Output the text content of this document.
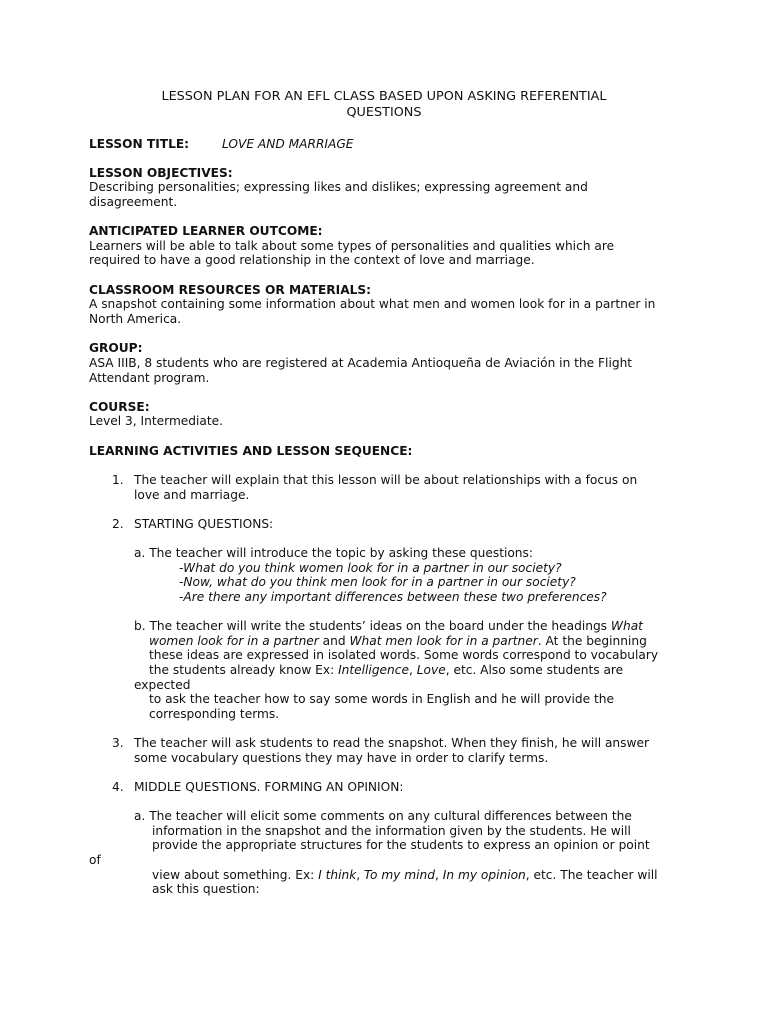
LESSON PLAN FOR AN EFL CLASS BASED UPON ASKING REFERENTIAL
QUESTIONS
LESSON TITLE:	LOVE AND MARRIAGE
LESSON OBJECTIVES:
Describing personalities; expressing likes and dislikes; expressing agreement and
disagreement.
ANTICIPATED LEARNER OUTCOME:
Learners will be able to talk about some types of personalities and qualities which are
required to have a good relationship in the context of love and marriage.
CLASSROOM RESOURCES OR MATERIALS:
A snapshot containing some information about what men and women look for in a partner in
North America.
GROUP:
ASA IIIB, 8 students who are registered at Academia Antioqueña de Aviación in the Flight
Attendant program.
COURSE:
Level 3, Intermediate.
LEARNING ACTIVITIES AND LESSON SEQUENCE:
1. The teacher will explain that this lesson will be about relationships with a focus on
love and marriage.
2. STARTING QUESTIONS:
a. The teacher will introduce the topic by asking these questions:
-What do you think women look for in a partner in our society?
-Now, what do you think men look for in a partner in our society?
-Are there any important differences between these two preferences?
b. The teacher will write the students’ ideas on the board under the headings What
women look for in a partner and What men look for in a partner. At the beginning
these ideas are expressed in isolated words. Some words correspond to vocabulary
the students already know Ex: Intelligence, Love, etc. Also some students are
expected
to ask the teacher how to say some words in English and he will provide the
corresponding terms.
3. The teacher will ask students to read the snapshot. When they finish, he will answer
some vocabulary questions they may have in order to clarify terms.
4. MIDDLE QUESTIONS. FORMING AN OPINION:
a. The teacher will elicit some comments on any cultural differences between the
information in the snapshot and the information given by the students. He will
provide the appropriate structures for the students to express an opinion or point
of
view about something. Ex: I think, To my mind, In my opinion, etc. The teacher will
ask this question:
